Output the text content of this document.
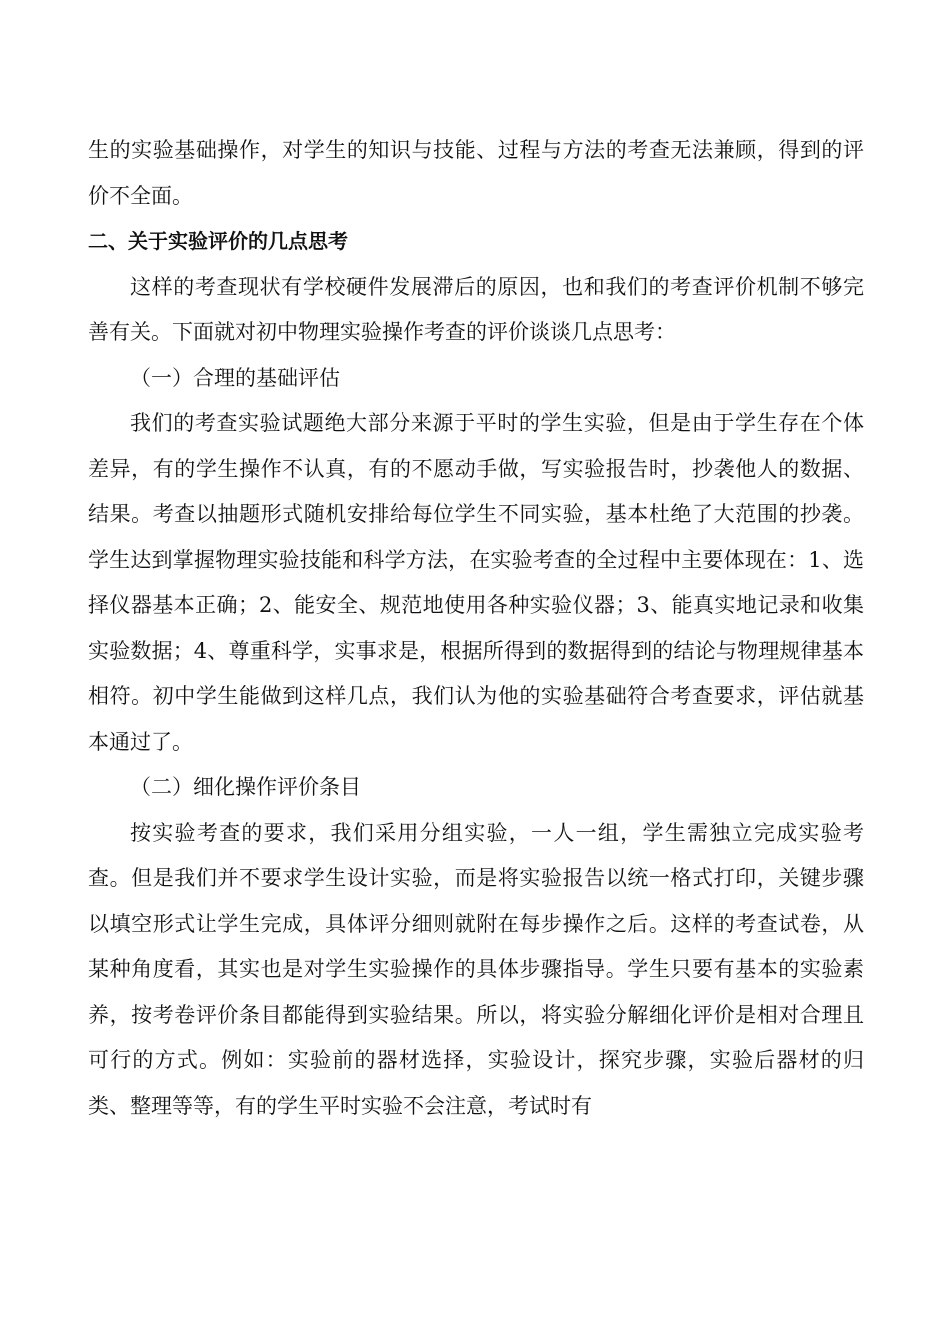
生的实验基础操作，对学生的知识与技能、过程与方法的考查无法兼顾，得到的评价不全面。

二、关于实验评价的几点思考

这样的考查现状有学校硬件发展滞后的原因，也和我们的考查评价机制不够完善有关。下面就对初中物理实验操作考查的评价谈谈几点思考：

（一）合理的基础评估

我们的考查实验试题绝大部分来源于平时的学生实验，但是由于学生存在个体差异，有的学生操作不认真，有的不愿动手做，写实验报告时，抄袭他人的数据、结果。考查以抽题形式随机安排给每位学生不同实验，基本杜绝了大范围的抄袭。学生达到掌握物理实验技能和科学方法，在实验考查的全过程中主要体现在：1、选择仪器基本正确；2、能安全、规范地使用各种实验仪器；3、能真实地记录和收集实验数据；4、尊重科学，实事求是，根据所得到的数据得到的结论与物理规律基本相符。初中学生能做到这样几点，我们认为他的实验基础符合考查要求，评估就基本通过了。

（二）细化操作评价条目

按实验考查的要求，我们采用分组实验，一人一组，学生需独立完成实验考查。但是我们并不要求学生设计实验，而是将实验报告以统一格式打印，关键步骤以填空形式让学生完成，具体评分细则就附在每步操作之后。这样的考查试卷，从某种角度看，其实也是对学生实验操作的具体步骤指导。学生只要有基本的实验素养，按考卷评价条目都能得到实验结果。所以，将实验分解细化评价是相对合理且可行的方式。例如：实验前的器材选择，实验设计，探究步骤，实验后器材的归类、整理等等，有的学生平时实验不会注意，考试时有
